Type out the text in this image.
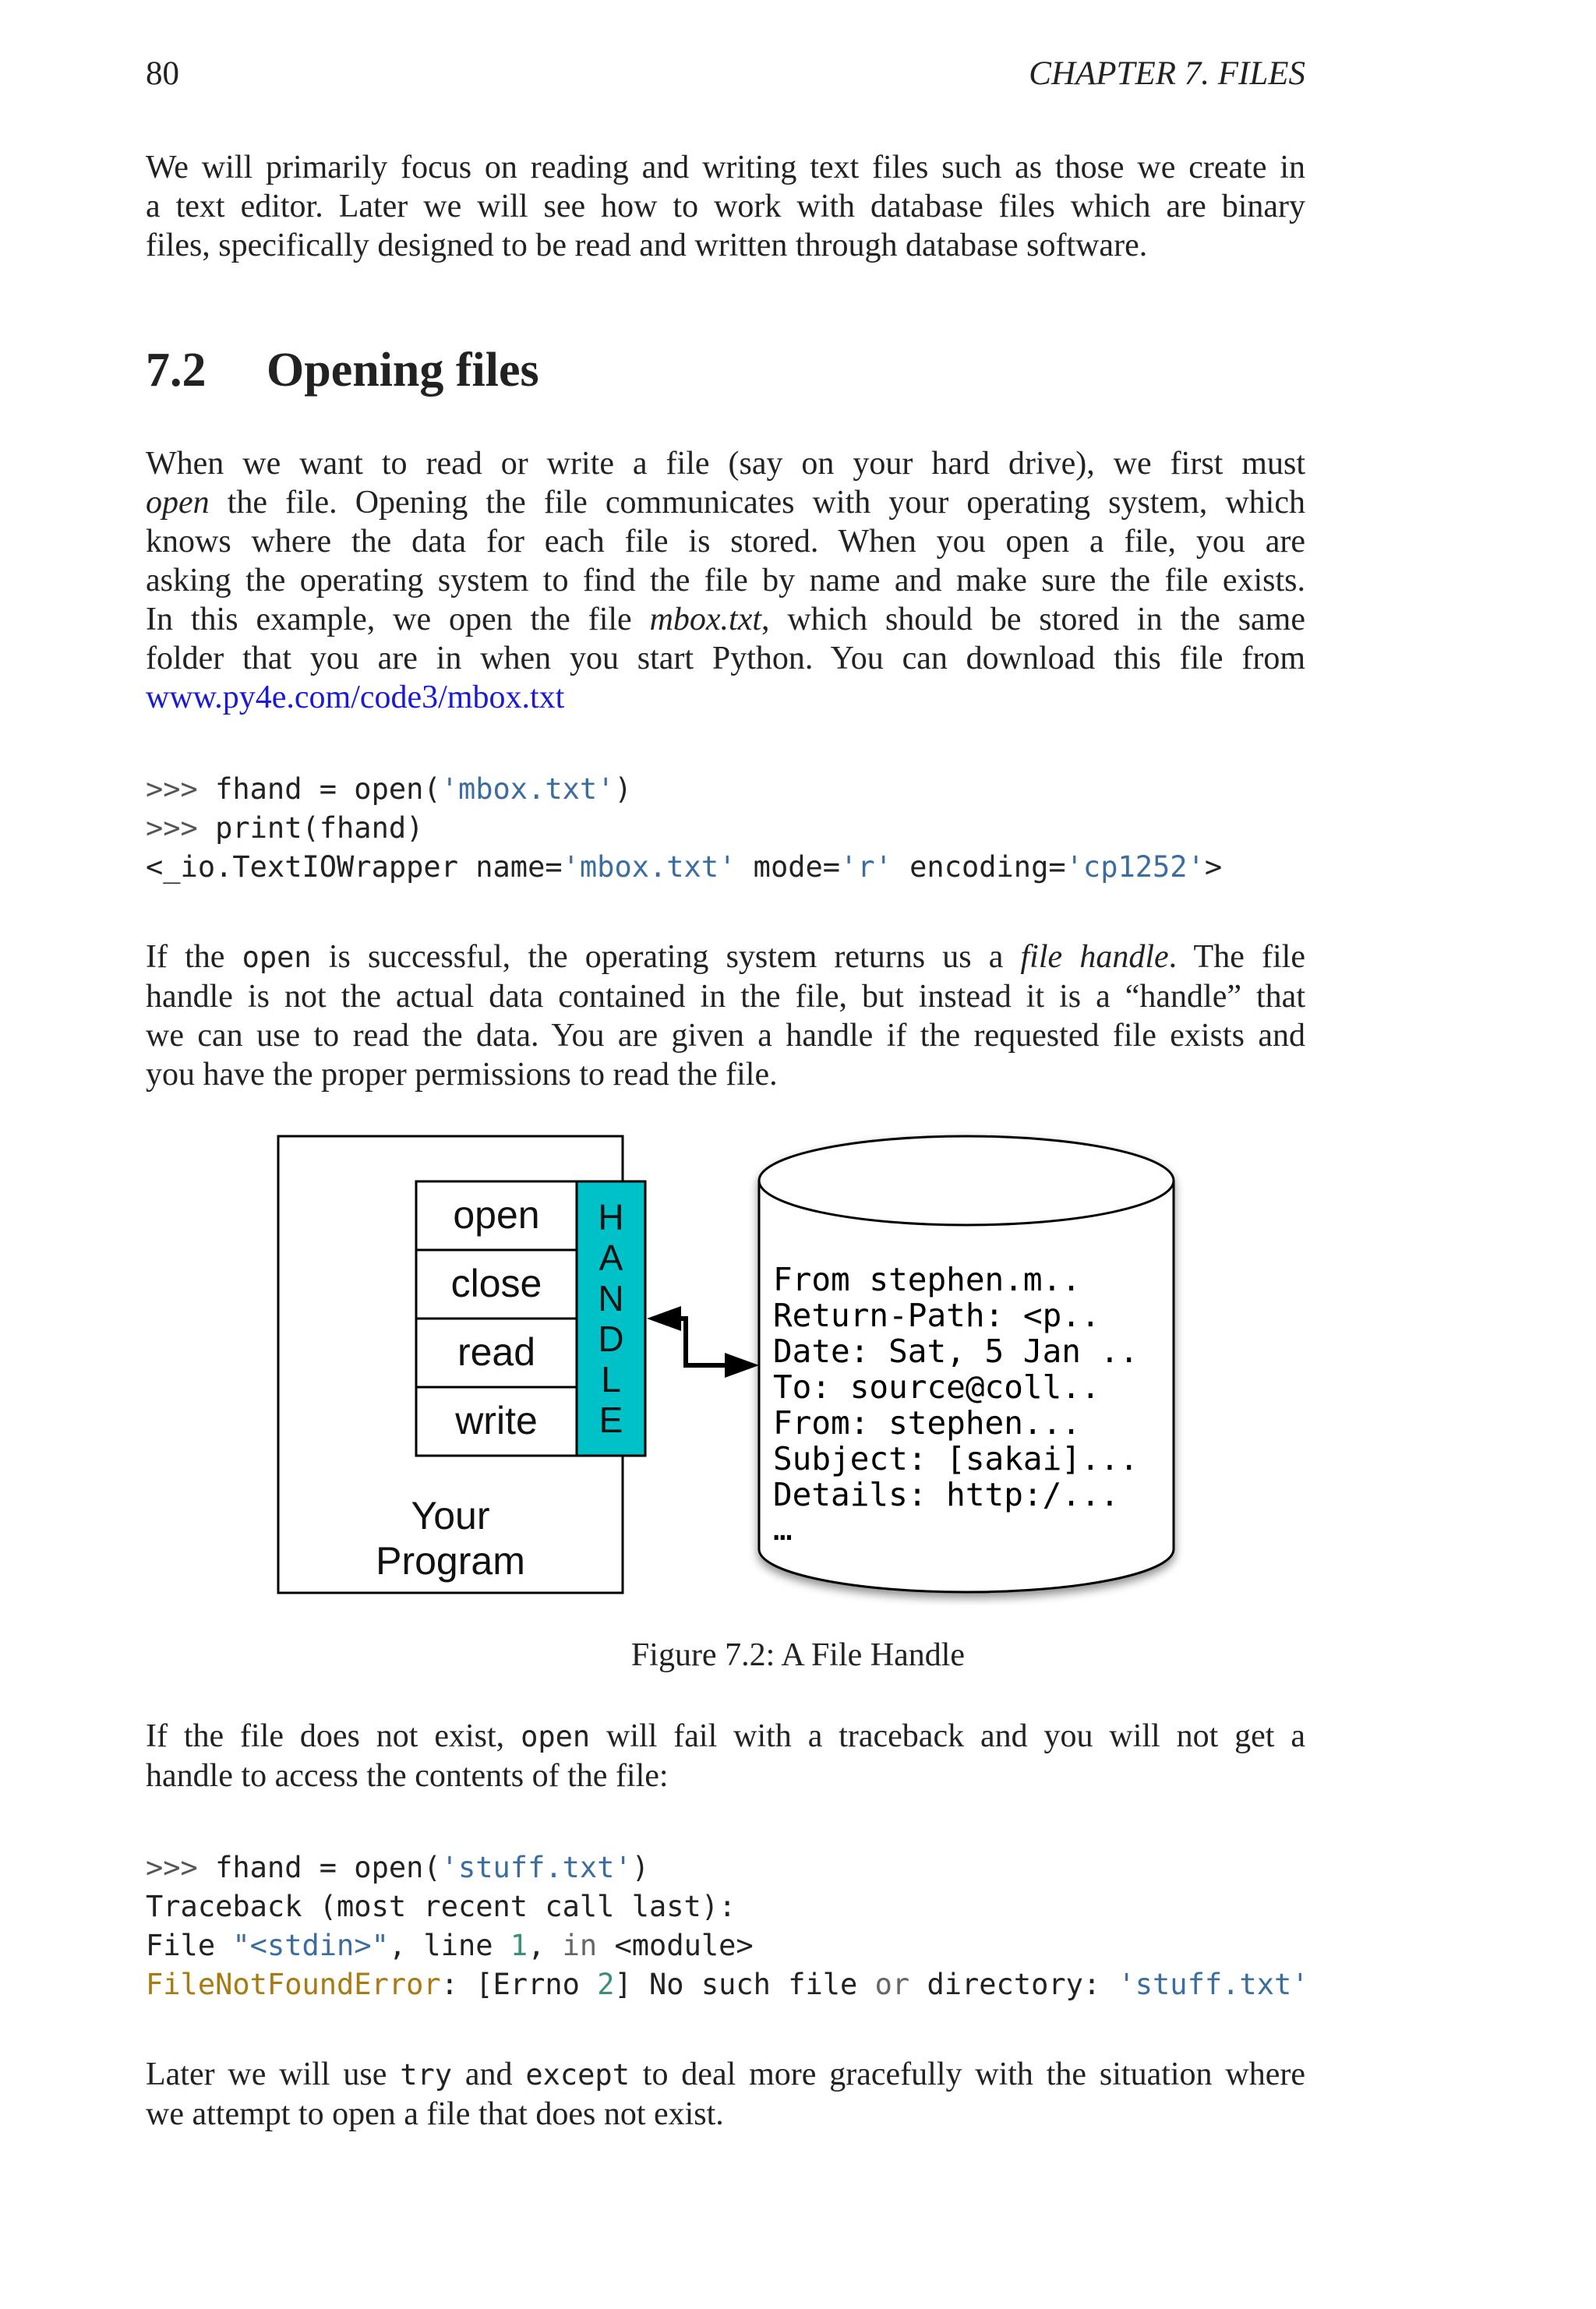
80	CHAPTER 7. FILES

We will primarily focus on reading and writing text files such as those we create in
a text editor. Later we will see how to work with database files which are binary
files, specifically designed to be read and written through database software.

7.2 Opening files

When we want to read or write a file (say on your hard drive), we first must
open the file. Opening the file communicates with your operating system, which
knows where the data for each file is stored. When you open a file, you are
asking the operating system to find the file by name and make sure the file exists.
In this example, we open the file mbox.txt, which should be stored in the same
folder that you are in when you start Python. You can download this file from
www.py4e.com/code3/mbox.txt

>>> fhand = open('mbox.txt')
>>> print(fhand)
<_io.TextIOWrapper name='mbox.txt' mode='r' encoding='cp1252'>

If the open is successful, the operating system returns us a file handle. The file
handle is not the actual data contained in the file, but instead it is a “handle” that
we can use to read the data. You are given a handle if the requested file exists and
you have the proper permissions to read the file.

open
close
read
write
H
A
N
D
L
E
Your
Program
From stephen.m..
Return-Path: <p..
Date: Sat, 5 Jan ..
To: source@coll..
From: stephen...
Subject: [sakai]...
Details: http:/...
…
Figure 7.2: A File Handle

If the file does not exist, open will fail with a traceback and you will not get a
handle to access the contents of the file:

>>> fhand = open('stuff.txt')
Traceback (most recent call last):
File "<stdin>", line 1, in <module>
FileNotFoundError: [Errno 2] No such file or directory: 'stuff.txt'

Later we will use try and except to deal more gracefully with the situation where
we attempt to open a file that does not exist.
